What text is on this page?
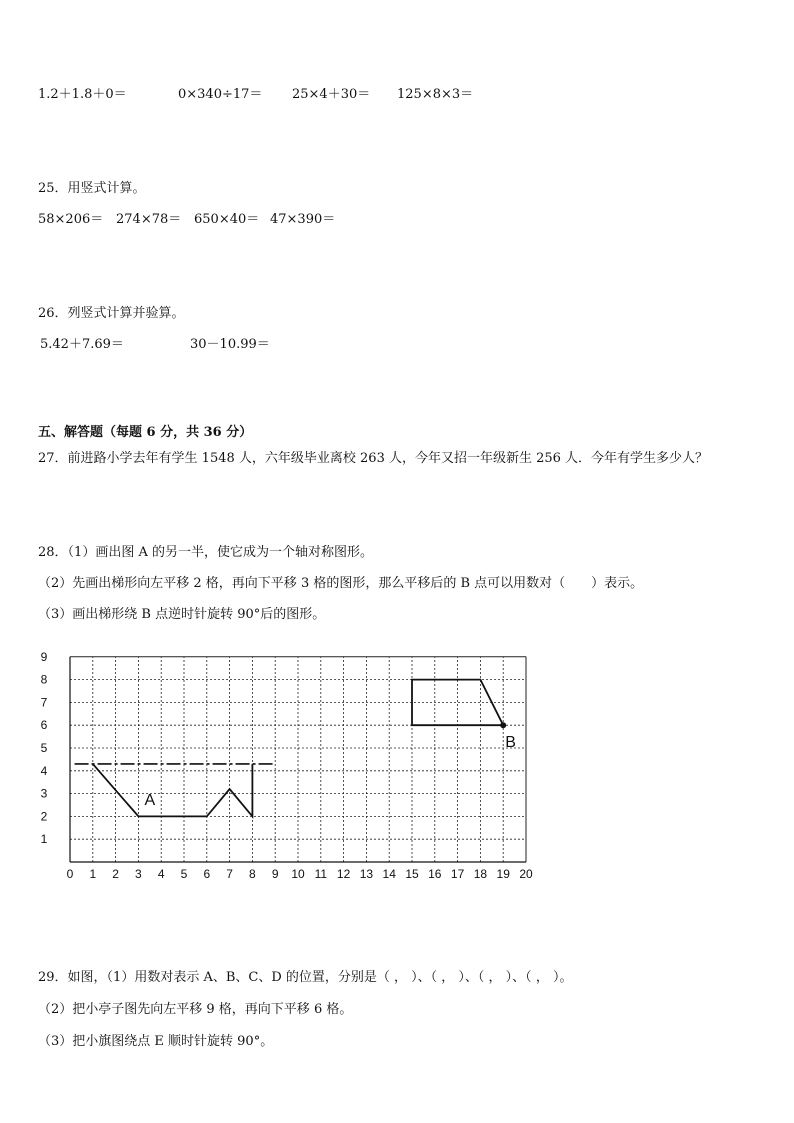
1.2＋1.8＋0＝	0×340÷17＝ 25×4＋30＝ 125×8×3＝
25．用竖式计算。
58×206＝ 274×78＝ 650×40＝ 47×390＝
26．列竖式计算并验算。
5.42＋7.69＝	30－10.99＝
五、解答题（每题 6 分，共 36 分）
27．前进路小学去年有学生 1548 人，六年级毕业离校 263 人，今年又招一年级新生 256 人．今年有学生多少人？
28．（1）画出图 A 的另一半，使它成为一个轴对称图形。
（2）先画出梯形向左平移 2 格，再向下平移 3 格的图形，那么平移后的 B 点可以用数对（　　）表示。
（3）画出梯形绕 B 点逆时针旋转 90°后的图形。
0 1 2 3 4 5 6 7 8 9 10 11 12 13 14 15 16 17 18 19 20
1
2
3
4
5
6
7
8
9
A
B
29．如图，（1）用数对表示 A、B、C、D 的位置，分别是（ ， ）、（ ， ）、（ ， ）、（ ， ）。
（2）把小亭子图先向左平移 9 格，再向下平移 6 格。
（3）把小旗图绕点 E 顺时针旋转 90°。
